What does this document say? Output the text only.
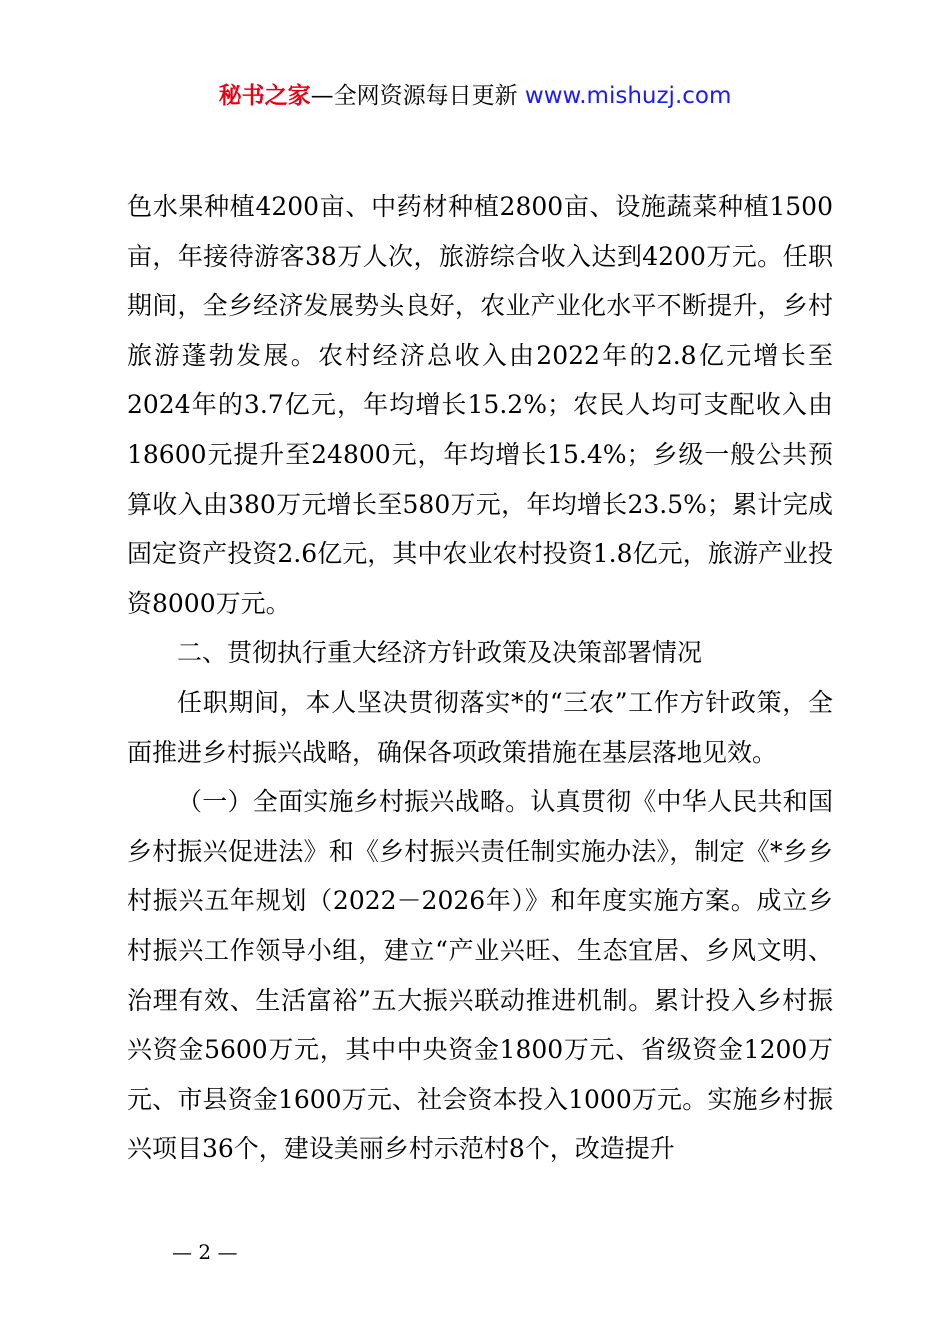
秘书之家—全网资源每日更新 www.mishuzj.com

色水果种植4200亩、中药材种植2800亩、设施蔬菜种植1500亩，年接待游客38万人次，旅游综合收入达到4200万元。任职期间，全乡经济发展势头良好，农业产业化水平不断提升，乡村旅游蓬勃发展。农村经济总收入由2022年的2.8亿元增长至2024年的3.7亿元，年均增长15.2%；农民人均可支配收入由18600元提升至24800元，年均增长15.4%；乡级一般公共预算收入由380万元增长至580万元，年均增长23.5%；累计完成固定资产投资2.6亿元，其中农业农村投资1.8亿元，旅游产业投资8000万元。

二、贯彻执行重大经济方针政策及决策部署情况

任职期间，本人坚决贯彻落实*的“三农”工作方针政策，全面推进乡村振兴战略，确保各项政策措施在基层落地见效。

（一）全面实施乡村振兴战略。认真贯彻《中华人民共和国乡村振兴促进法》和《乡村振兴责任制实施办法》，制定《*乡乡村振兴五年规划（2022－2026年）》和年度实施方案。成立乡村振兴工作领导小组，建立“产业兴旺、生态宜居、乡风文明、治理有效、生活富裕”五大振兴联动推进机制。累计投入乡村振兴资金5600万元，其中中央资金1800万元、省级资金1200万元、市县资金1600万元、社会资本投入1000万元。实施乡村振兴项目36个，建设美丽乡村示范村8个，改造提升

— 2 —
